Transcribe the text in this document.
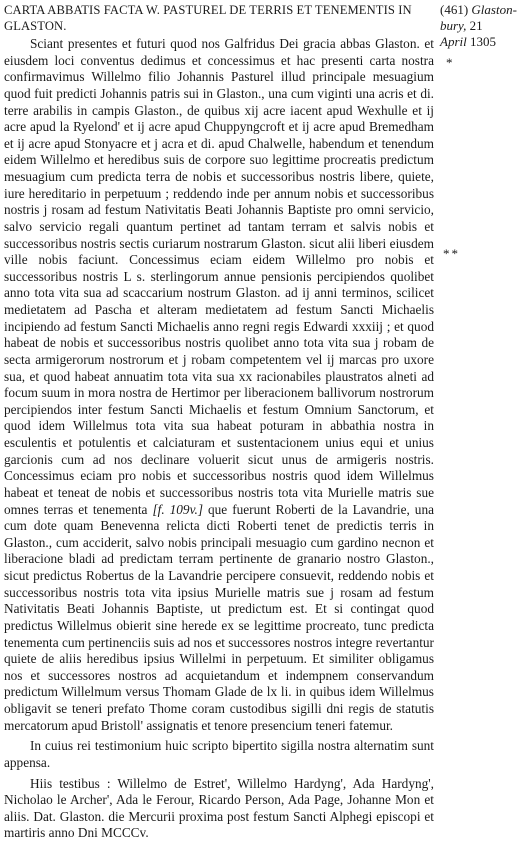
CARTA ABBATIS FACTA W. PASTUREL DE TERRIS ET TENEMENTIS IN GLASTON.
(461) Glaston-
bury, 21
April 1305
*
**

Sciant presentes et futuri quod nos Galfridus Dei gracia abbas Glaston. et eiusdem loci conventus dedimus et concessimus et hac presenti carta nostra confirmavimus Willelmo filio Johannis Pasturel illud principale mesuagium quod fuit predicti Johannis patris sui in Glaston., una cum viginti una acris et di. terre arabilis in campis Glaston., de quibus xij acre iacent apud Wexhulle et ij acre apud la Ryelond' et ij acre apud Chuppyngcroft et ij acre apud Bremedham et ij acre apud Stonyacre et j acra et di. apud Chalwelle, habendum et tenendum eidem Willelmo et heredibus suis de corpore suo legittime procreatis predictum mesuagium cum predicta terra de nobis et successoribus nostris libere, quiete, iure hereditario in perpetuum ; reddendo inde per annum nobis et successoribus nostris j rosam ad festum Nativitatis Beati Johannis Baptiste pro omni servicio, salvo servicio regali quantum pertinet ad tantam terram et salvis nobis et successoribus nostris sectis curiarum nostrarum Glaston. sicut alii liberi eiusdem ville nobis faciunt. Concessimus eciam eidem Willelmo pro nobis et successoribus nostris L s. sterlingorum annue pensionis percipiendos quolibet anno tota vita sua ad scaccarium nostrum Glaston. ad ij anni terminos, scilicet medietatem ad Pascha et alteram medietatem ad festum Sancti Michaelis incipiendo ad festum Sancti Michaelis anno regni regis Edwardi xxxiij ; et quod habeat de nobis et successoribus nostris quolibet anno tota vita sua j robam de secta armigerorum nostrorum et j robam competentem vel ij marcas pro uxore sua, et quod habeat annuatim tota vita sua xx racionabiles plaustratos alneti ad focum suum in mora nostra de Hertimor per liberacionem ballivorum nostrorum percipiendos inter festum Sancti Michaelis et festum Omnium Sanctorum, et quod idem Willelmus tota vita sua habeat poturam in abbathia nostra in esculentis et potulentis et calciaturam et sustentacionem unius equi et unius garcionis cum ad nos declinare voluerit sicut unus de armigeris nostris. Concessimus eciam pro nobis et successoribus nostris quod idem Willelmus habeat et teneat de nobis et successoribus nostris tota vita Murielle matris sue omnes terras et tenementa [f. 109v.] que fuerunt Roberti de la Lavandrie, una cum dote quam Benevenna relicta dicti Roberti tenet de predictis terris in Glaston., cum acciderit, salvo nobis principali mesuagio cum gardino necnon et liberacione bladi ad predictam terram pertinente de granario nostro Glaston., sicut predictus Robertus de la Lavandrie percipere consuevit, reddendo nobis et successoribus nostris tota vita ipsius Murielle matris sue j rosam ad festum Nativitatis Beati Johannis Baptiste, ut predictum est. Et si contingat quod predictus Willelmus obierit sine herede ex se legittime procreato, tunc predicta tenementa cum pertinenciis suis ad nos et successores nostros integre revertantur quiete de aliis heredibus ipsius Willelmi in perpetuum. Et similiter obligamus nos et successores nostros ad acquietandum et indempnem conservandum predictum Willelmum versus Thomam Glade de lx li. in quibus idem Willelmus obligavit se teneri prefato Thome coram custodibus sigilli dni regis de statutis mercatorum apud Bristoll' assignatis et tenore presencium teneri fatemur.

In cuius rei testimonium huic scripto bipertito sigilla nostra alternatim sunt appensa.

Hiis testibus : Willelmo de Estret', Willelmo Hardyng', Ada Hardyng', Nicholao le Archer', Ada le Ferour, Ricardo Person, Ada Page, Johanne Mon et aliis. Dat. Glaston. die Mercurii proxima post festum Sancti Alphegi episcopi et martiris anno Dni MCCCv.
